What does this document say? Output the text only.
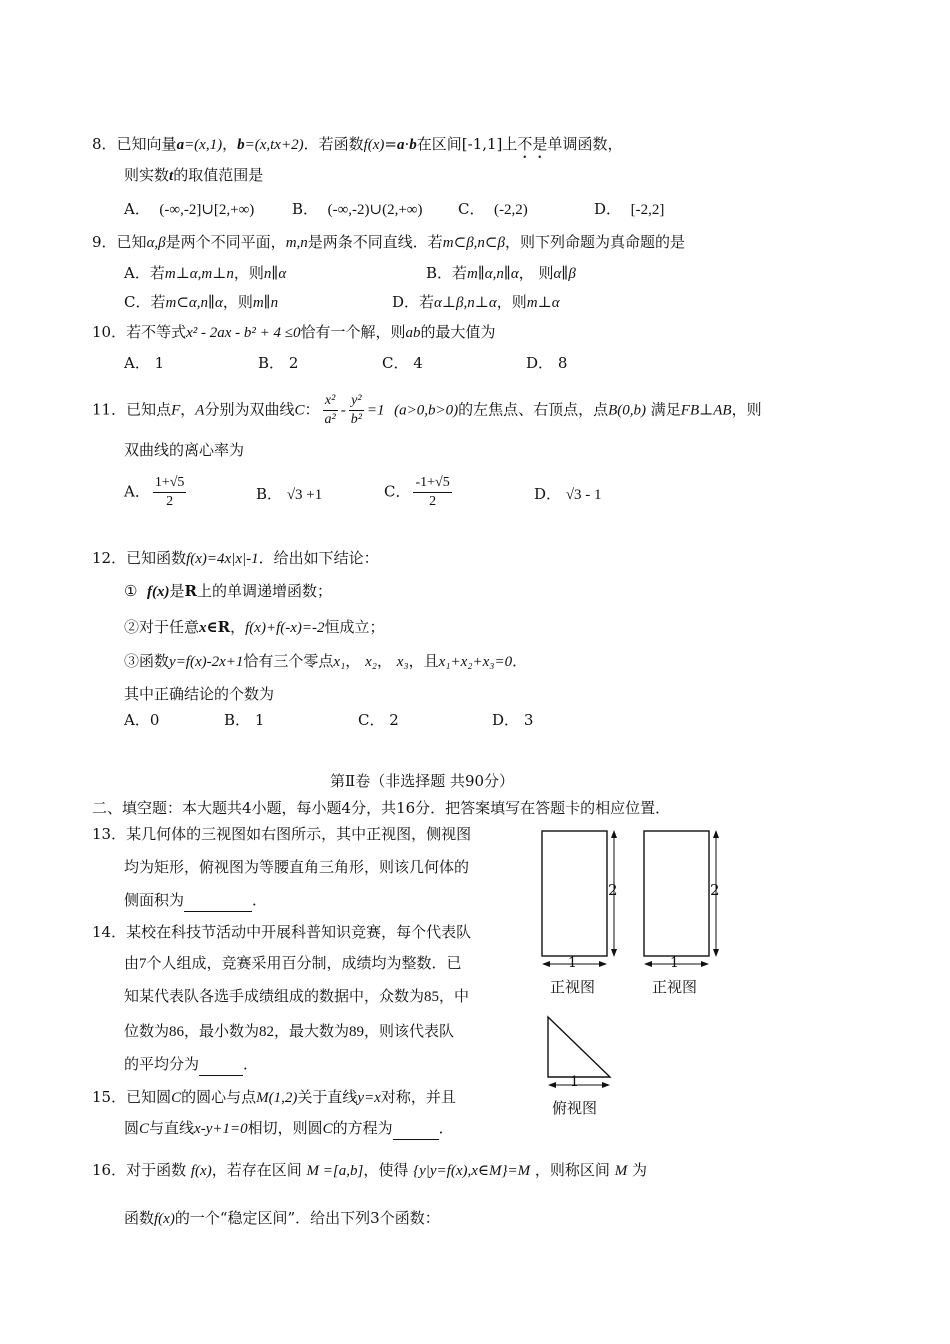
8．已知向量a=(x,1)，b=(x,tx+2)．若函数f(x)=a·b在区间[-1,1]上不是单调函数，
则实数t的取值范围是
A． (-∞,-2]∪[2,+∞)	B． (-∞,-2)∪(2,+∞) C． (-2,2)	D． [-2,2]
9．已知α,β是两个不同平面，m,n是两条不同直线．若m⊂β,n⊂β，则下列命题为真命题的是
A．若m⊥α,m⊥n，则n∥α	B．若m∥α,n∥α， 则α∥β
C．若m⊂α,n∥α，则m∥n	D．若α⊥β,n⊥α，则m⊥α
10．若不等式x² - 2ax - b² + 4 ≤0恰有一个解，则ab的最大值为
A． 1	B． 2	C． 4	D． 8
11．已知点F，A分别为双曲线C： $\frac{\text{x²}}{\text{a²}} - \frac{\text{y²}}{\text{b²}} =1$ (a>0,b>0)的左焦点、右顶点，点B(0,b) 满足FB⊥AB，则
双曲线的离心率为
A． $\frac{1+√5}{2}$	B． √3 +1	C． $\frac{-1+√5}{2}$	D． √3 - 1
12．已知函数f(x)=4x|x|-1．给出如下结论：
① f(x)是R上的单调递增函数；
②对于任意x∈R，f(x)+f(-x)=-2恒成立；
③函数y=f(x)-2x+1恰有三个零点x₁， x₂， x₃，且x₁+x₂+x₃=0．
其中正确结论的个数为
A．0	B． 1	C． 2	D． 3
第Ⅱ卷（非选择题 共90分）
二、填空题：本大题共4小题，每小题4分，共16分．把答案填写在答题卡的相应位置．
13．某几何体的三视图如右图所示，其中正视图，侧视图
均为矩形，俯视图为等腰直角三角形，则该几何体的
侧面积为	．
14．某校在科技节活动中开展科普知识竞赛，每个代表队
由7个人组成，竞赛采用百分制，成绩均为整数．已
知某代表队各选手成绩组成的数据中，众数为85，中
位数为86，最小数为82，最大数为89，则该代表队
的平均分为	．
15．已知圆C的圆心与点M(1,2)关于直线y=x对称，并且
圆C与直线x-y+1=0相切，则圆C的方程为	．
16．对于函数 f(x)，若存在区间 M =[a,b]，使得 {y|y=f(x),x∈M}=M ，则称区间 M 为
函数f(x)的一个“稳定区间”．给出下列3个函数：
2	2
1	1
正视图	正视图
1
俯视图
